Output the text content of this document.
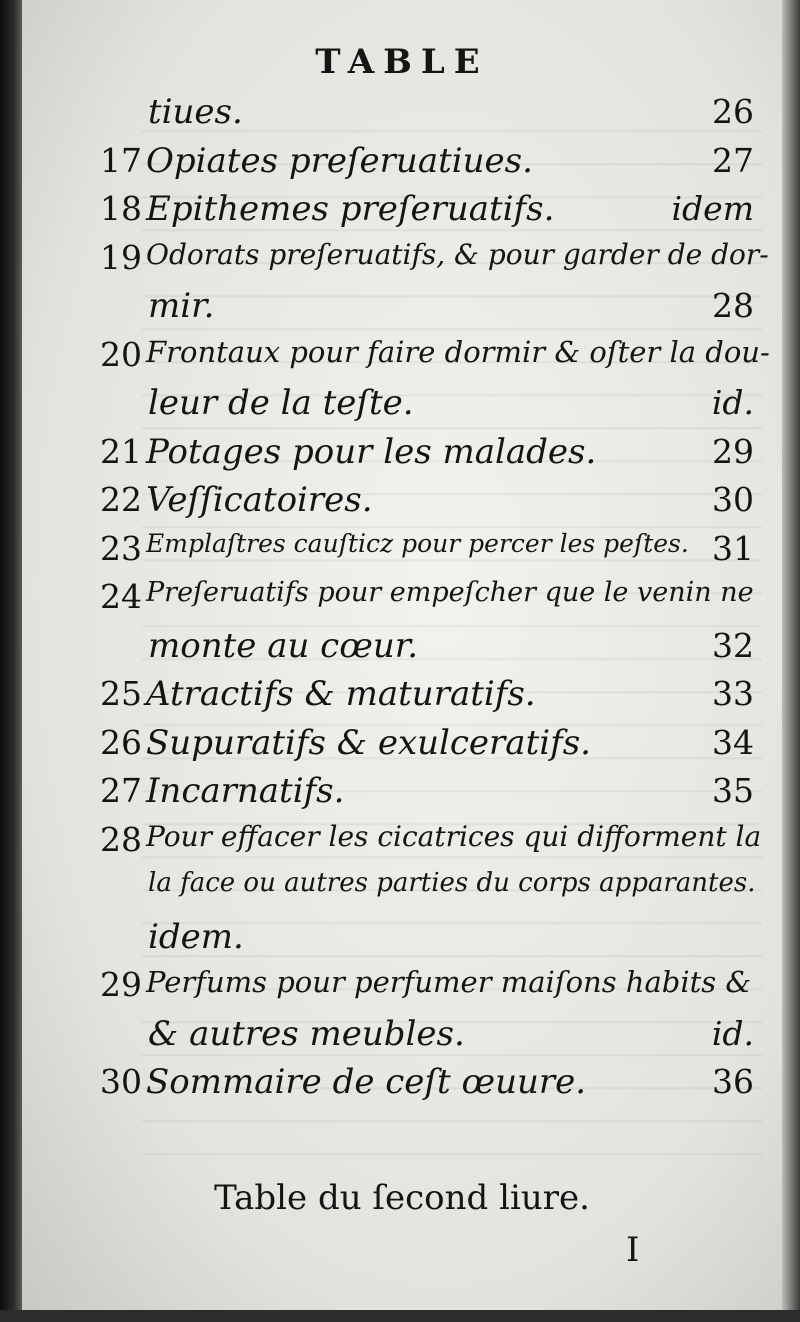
TABLE
tiues.	26
17 Opiates preſeruatiues.	27
18 Epithemes preſeruatifs.	idem
19 Odorats preſeruatifs, & pour garder de dor-
mir.	28
20 Frontaux pour faire dormir & oſter la dou-
leur de la teſte.	id.
21 Potages pour les malades.	29
22 Veſſicatoires.	30
23 Emplaſtres cauſticz pour percer les peſtes. 31
24 Preſeruatifs pour empeſcher que le venin ne
monte au cœur.	32
25 Atractifs & maturatifs.	33
26 Supuratifs & exulceratifs.	34
27 Incarnatifs.	35
28 Pour effacer les cicatrices qui difforment la
la face ou autres parties du corps apparantes.
idem.
29 Perfums pour perfumer maiſons habits &
& autres meubles.	id.
30 Sommaire de ceſt œuure.	36
Table du ſecond liure.
I
